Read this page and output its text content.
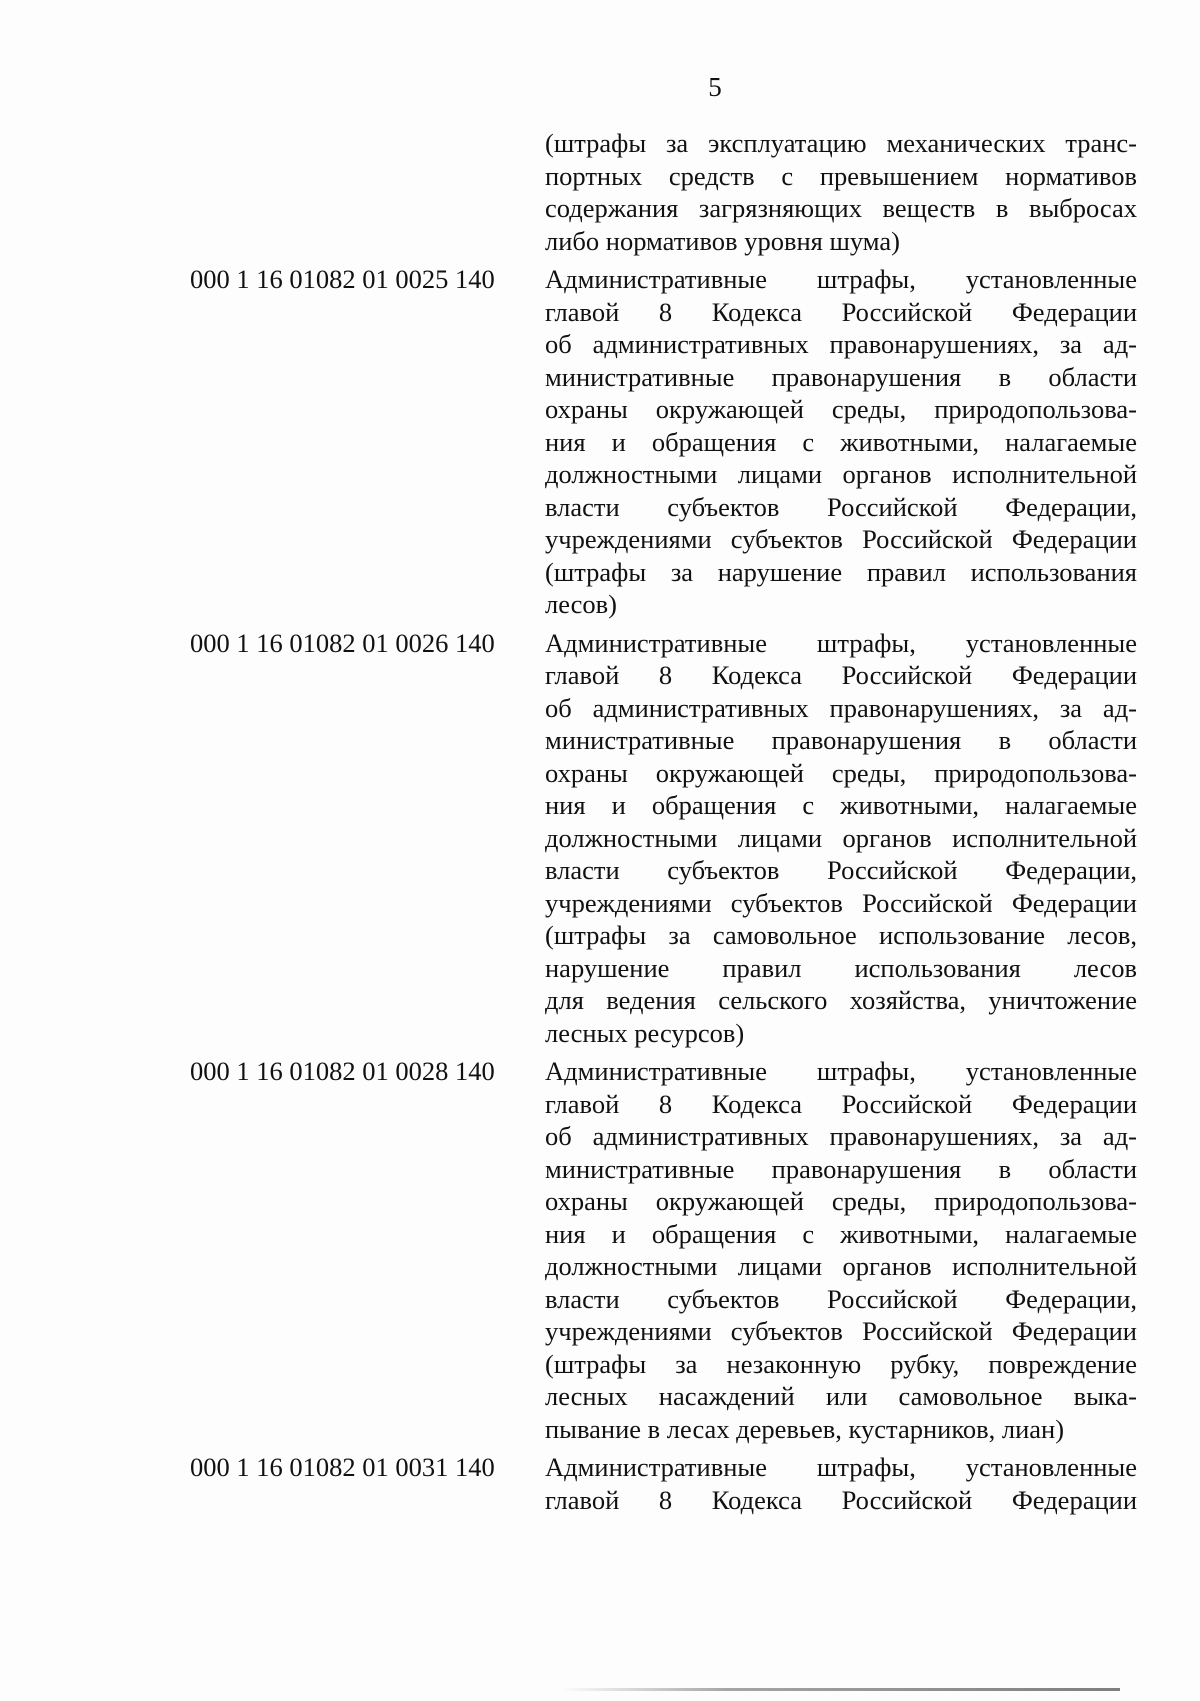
5
(штрафы за эксплуатацию механических транс-
портных средств с превышением нормативов
содержания загрязняющих веществ в выбросах
либо нормативов уровня шума)
000 1 16 01082 01 0025 140	Административные штрафы, установленные
главой 8 Кодекса Российской Федерации
об административных правонарушениях, за ад-
министративные правонарушения в области
охраны окружающей среды, природопользова-
ния и обращения с животными, налагаемые
должностными лицами органов исполнительной
власти субъектов Российской Федерации,
учреждениями субъектов Российской Федерации
(штрафы за нарушение правил использования
лесов)
000 1 16 01082 01 0026 140	Административные штрафы, установленные
главой 8 Кодекса Российской Федерации
об административных правонарушениях, за ад-
министративные правонарушения в области
охраны окружающей среды, природопользова-
ния и обращения с животными, налагаемые
должностными лицами органов исполнительной
власти субъектов Российской Федерации,
учреждениями субъектов Российской Федерации
(штрафы за самовольное использование лесов,
нарушение правил использования лесов
для ведения сельского хозяйства, уничтожение
лесных ресурсов)
000 1 16 01082 01 0028 140	Административные штрафы, установленные
главой 8 Кодекса Российской Федерации
об административных правонарушениях, за ад-
министративные правонарушения в области
охраны окружающей среды, природопользова-
ния и обращения с животными, налагаемые
должностными лицами органов исполнительной
власти субъектов Российской Федерации,
учреждениями субъектов Российской Федерации
(штрафы за незаконную рубку, повреждение
лесных насаждений или самовольное выка-
пывание в лесах деревьев, кустарников, лиан)
000 1 16 01082 01 0031 140	Административные штрафы, установленные
главой 8 Кодекса Российской Федерации
